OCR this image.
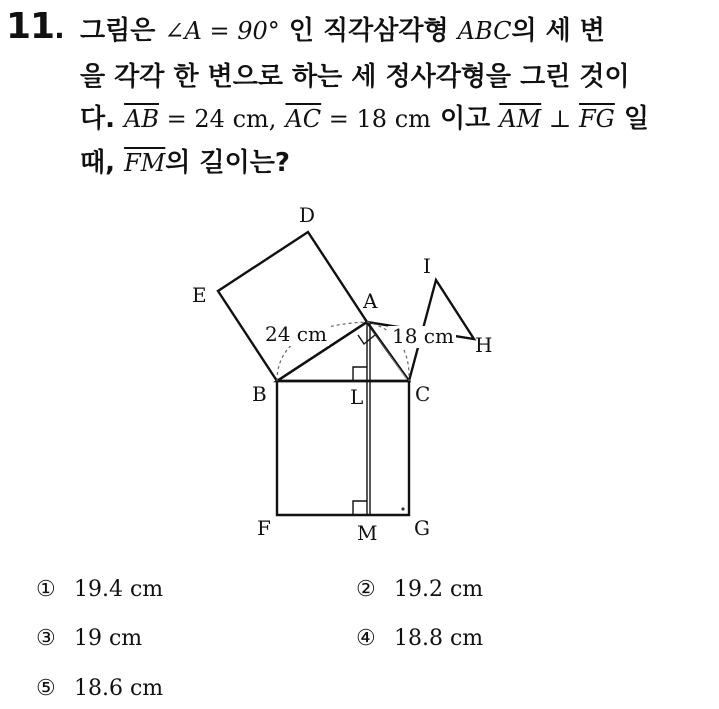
11. 그림은 ∠A = 90° 인 직각삼각형 ABC의 세 변
을 각각 한 변으로 하는 세 정사각형을 그린 것이
다. $\overline{AB} = 24$ cm, $\overline{AC} = 18$ cm 이고 $\overline{AM}$ ⊥ $\overline{FG}$ 일
때, $\overline{FM}$의 길이는?
D
E
I
A
H
B	L	C
F	M G
24 cm	18 cm
① 19.4 cm	② 19.2 cm
③ 19 cm	④ 18.8 cm
⑤ 18.6 cm
